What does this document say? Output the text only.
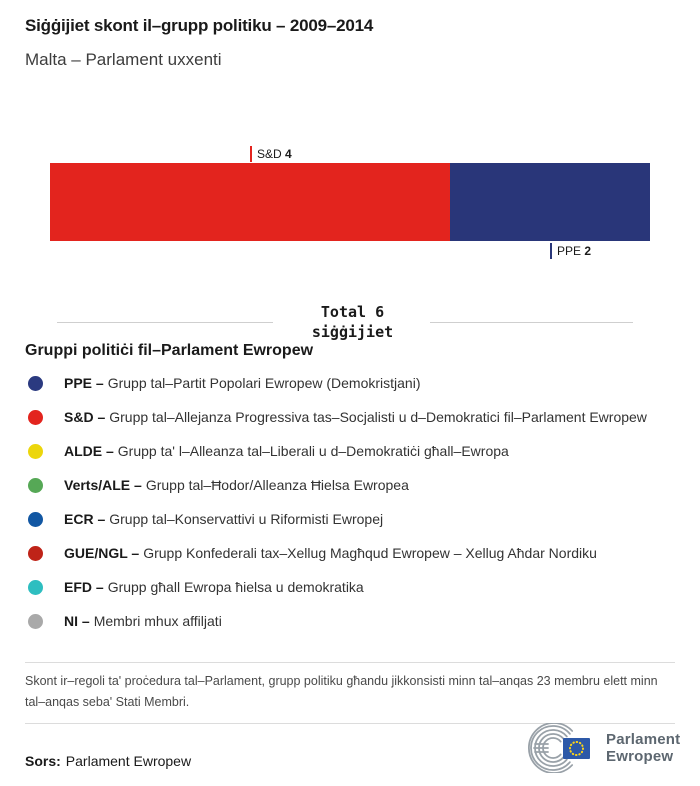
Siġġijiet skont il–grupp politiku – 2009–2014
Malta – Parlament uxxenti
S&D 4
PPE 2
Total 6
siġġijiet
Gruppi politiċi fil–Parlament Ewropew
PPE – Grupp tal–Partit Popolari Ewropew (Demokristjani)
S&D – Grupp tal–Allejanza Progressiva tas–Socjalisti u d–Demokratici fil–Parlament Ewropew
ALDE – Grupp ta' l–Alleanza tal–Liberali u d–Demokratiċi għall–Ewropa
Verts/ALE – Grupp tal–Ħodor/Alleanza Ħielsa Ewropea
ECR – Grupp tal–Konservattivi u Riformisti Ewropej
GUE/NGL – Grupp Konfederali tax–Xellug Magħqud Ewropew – Xellug Aħdar Nordiku
EFD – Grupp għall Ewropa ħielsa u demokratika
NI – Membri mhux affiljati
Skont ir–regoli ta' proċedura tal–Parlament, grupp politiku għandu jikkonsisti minn tal–anqas 23 membru elett minn tal–anqas seba' Stati Membri.
Sors: Parlament Ewropew
Parlament
Ewropew
